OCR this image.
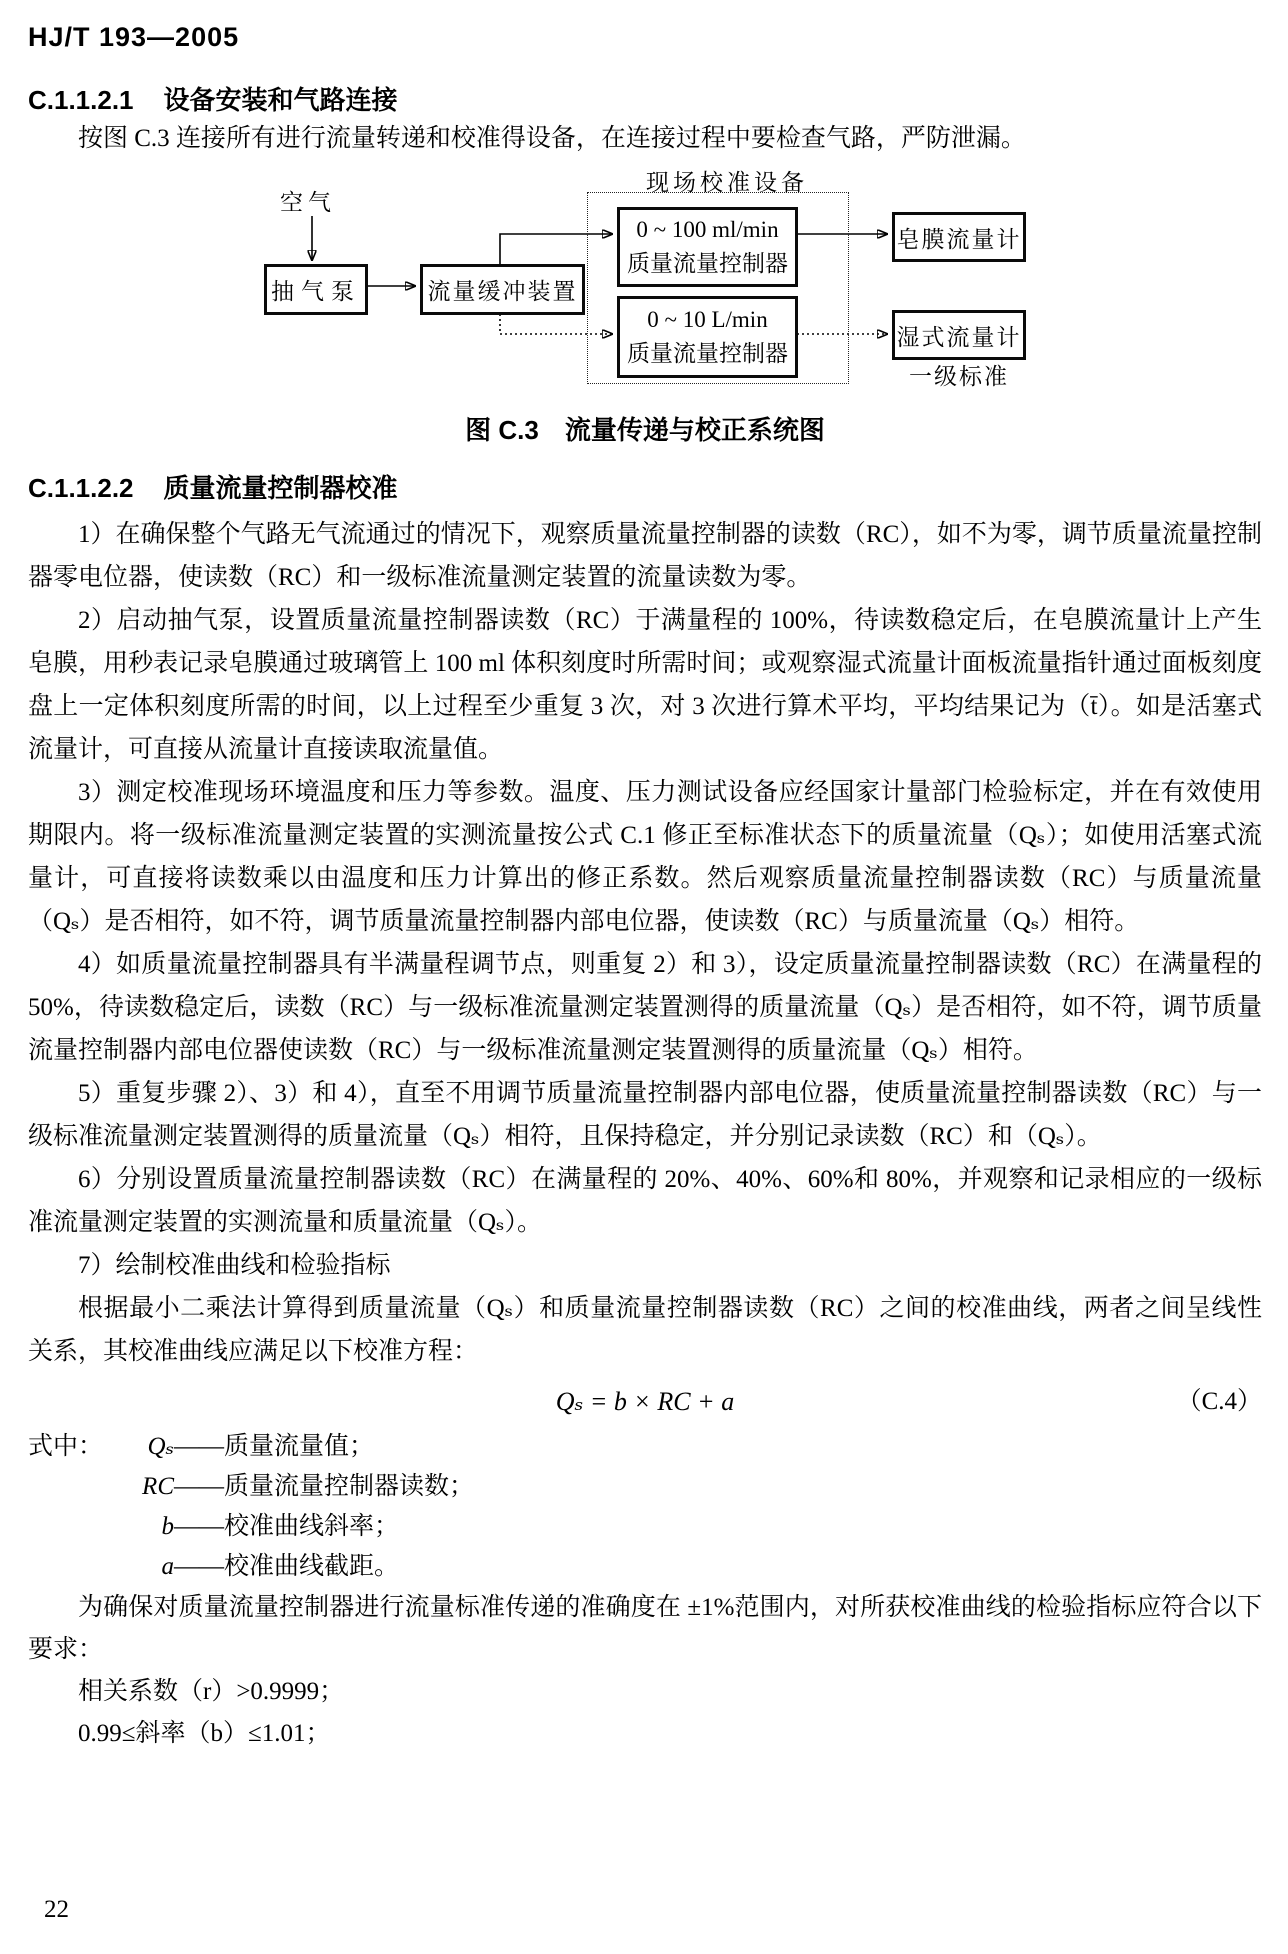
HJ/T 193—2005
C.1.1.2.1 设备安装和气路连接

按图 C.3 连接所有进行流量转递和校准得设备，在连接过程中要检查气路，严防泄漏。

现场校准设备
空气
抽气泵	流量缓冲装置
0 ~ 100 ml/min
质量流量控制器
0 ~ 10 L/min
质量流量控制器
皂膜流量计
湿式流量计
一级标准
图 C.3　流量传递与校正系统图
C.1.1.2.2 质量流量控制器校准

1）在确保整个气路无气流通过的情况下，观察质量流量控制器的读数（RC），如不为零，调节质量流量控制器零电位器，使读数（RC）和一级标准流量测定装置的流量读数为零。

2）启动抽气泵，设置质量流量控制器读数（RC）于满量程的 100%，待读数稳定后，在皂膜流量计上产生皂膜，用秒表记录皂膜通过玻璃管上 100 ml 体积刻度时所需时间；或观察湿式流量计面板流量指针通过面板刻度盘上一定体积刻度所需的时间，以上过程至少重复 3 次，对 3 次进行算术平均，平均结果记为（t̄）。如是活塞式流量计，可直接从流量计直接读取流量值。

3）测定校准现场环境温度和压力等参数。温度、压力测试设备应经国家计量部门检验标定，并在有效使用期限内。将一级标准流量测定装置的实测流量按公式 C.1 修正至标准状态下的质量流量（Qₛ）；如使用活塞式流量计，可直接将读数乘以由温度和压力计算出的修正系数。然后观察质量流量控制器读数（RC）与质量流量（Qₛ）是否相符，如不符，调节质量流量控制器内部电位器，使读数（RC）与质量流量（Qₛ）相符。

4）如质量流量控制器具有半满量程调节点，则重复 2）和 3），设定质量流量控制器读数（RC）在满量程的 50%，待读数稳定后，读数（RC）与一级标准流量测定装置测得的质量流量（Qₛ）是否相符，如不符，调节质量流量控制器内部电位器使读数（RC）与一级标准流量测定装置测得的质量流量（Qₛ）相符。

5）重复步骤 2）、3）和 4），直至不用调节质量流量控制器内部电位器，使质量流量控制器读数（RC）与一级标准流量测定装置测得的质量流量（Qₛ）相符，且保持稳定，并分别记录读数（RC）和（Qₛ）。

6）分别设置质量流量控制器读数（RC）在满量程的 20%、40%、60%和 80%，并观察和记录相应的一级标准流量测定装置的实测流量和质量流量（Qₛ）。

7）绘制校准曲线和检验指标

根据最小二乘法计算得到质量流量（Qₛ）和质量流量控制器读数（RC）之间的校准曲线，两者之间呈线性关系，其校准曲线应满足以下校准方程：

Qₛ = b × RC + a	（C.4）
式中：	Qₛ ——质量流量值；
RC ——质量流量控制器读数；
b ——校准曲线斜率；
a ——校准曲线截距。

为确保对质量流量控制器进行流量标准传递的准确度在 ±1%范围内，对所获校准曲线的检验指标应符合以下要求：

相关系数（r）>0.9999；

0.99≤斜率（b）≤1.01；

22
